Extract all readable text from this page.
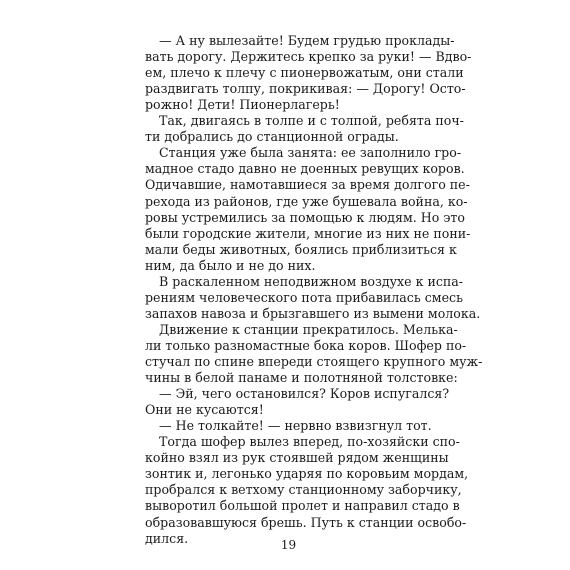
— А ну вылезайте! Будем грудью проклады-
вать дорогу. Держитесь крепко за руки! — Вдво-
ем, плечо к плечу с пионервожатым, они стали
раздвигать толпу, покрикивая: — Дорогу! Осто-
рожно! Дети! Пионерлагерь!
Так, двигаясь в толпе и с толпой, ребята поч-
ти добрались до станционной ограды.
Станция уже была занята: ее заполнило гро-
мадное стадо давно не доенных ревущих коров.
Одичавшие, намотавшиеся за время долгого пе-
рехода из районов, где уже бушевала война, ко-
ровы устремились за помощью к людям. Но это
были городские жители, многие из них не пони-
мали беды животных, боялись приблизиться к
ним, да было и не до них.
В раскаленном неподвижном воздухе к испа-
рениям человеческого пота прибавилась смесь
запахов навоза и брызгавшего из вымени молока.
Движение к станции прекратилось. Мелька-
ли только разномастные бока коров. Шофер по-
стучал по спине впереди стоящего крупного муж-
чины в белой панаме и полотняной толстовке:
— Эй, чего остановился? Коров испугался?
Они не кусаются!
— Не толкайте! — нервно взвизгнул тот.
Тогда шофер вылез вперед, по-хозяйски спо-
койно взял из рук стоявшей рядом женщины
зонтик и, легонько ударяя по коровьим мордам,
пробрался к ветхому станционному заборчику,
выворотил большой пролет и направил стадо в
образовавшуюся брешь. Путь к станции освобо-
дился.	19
